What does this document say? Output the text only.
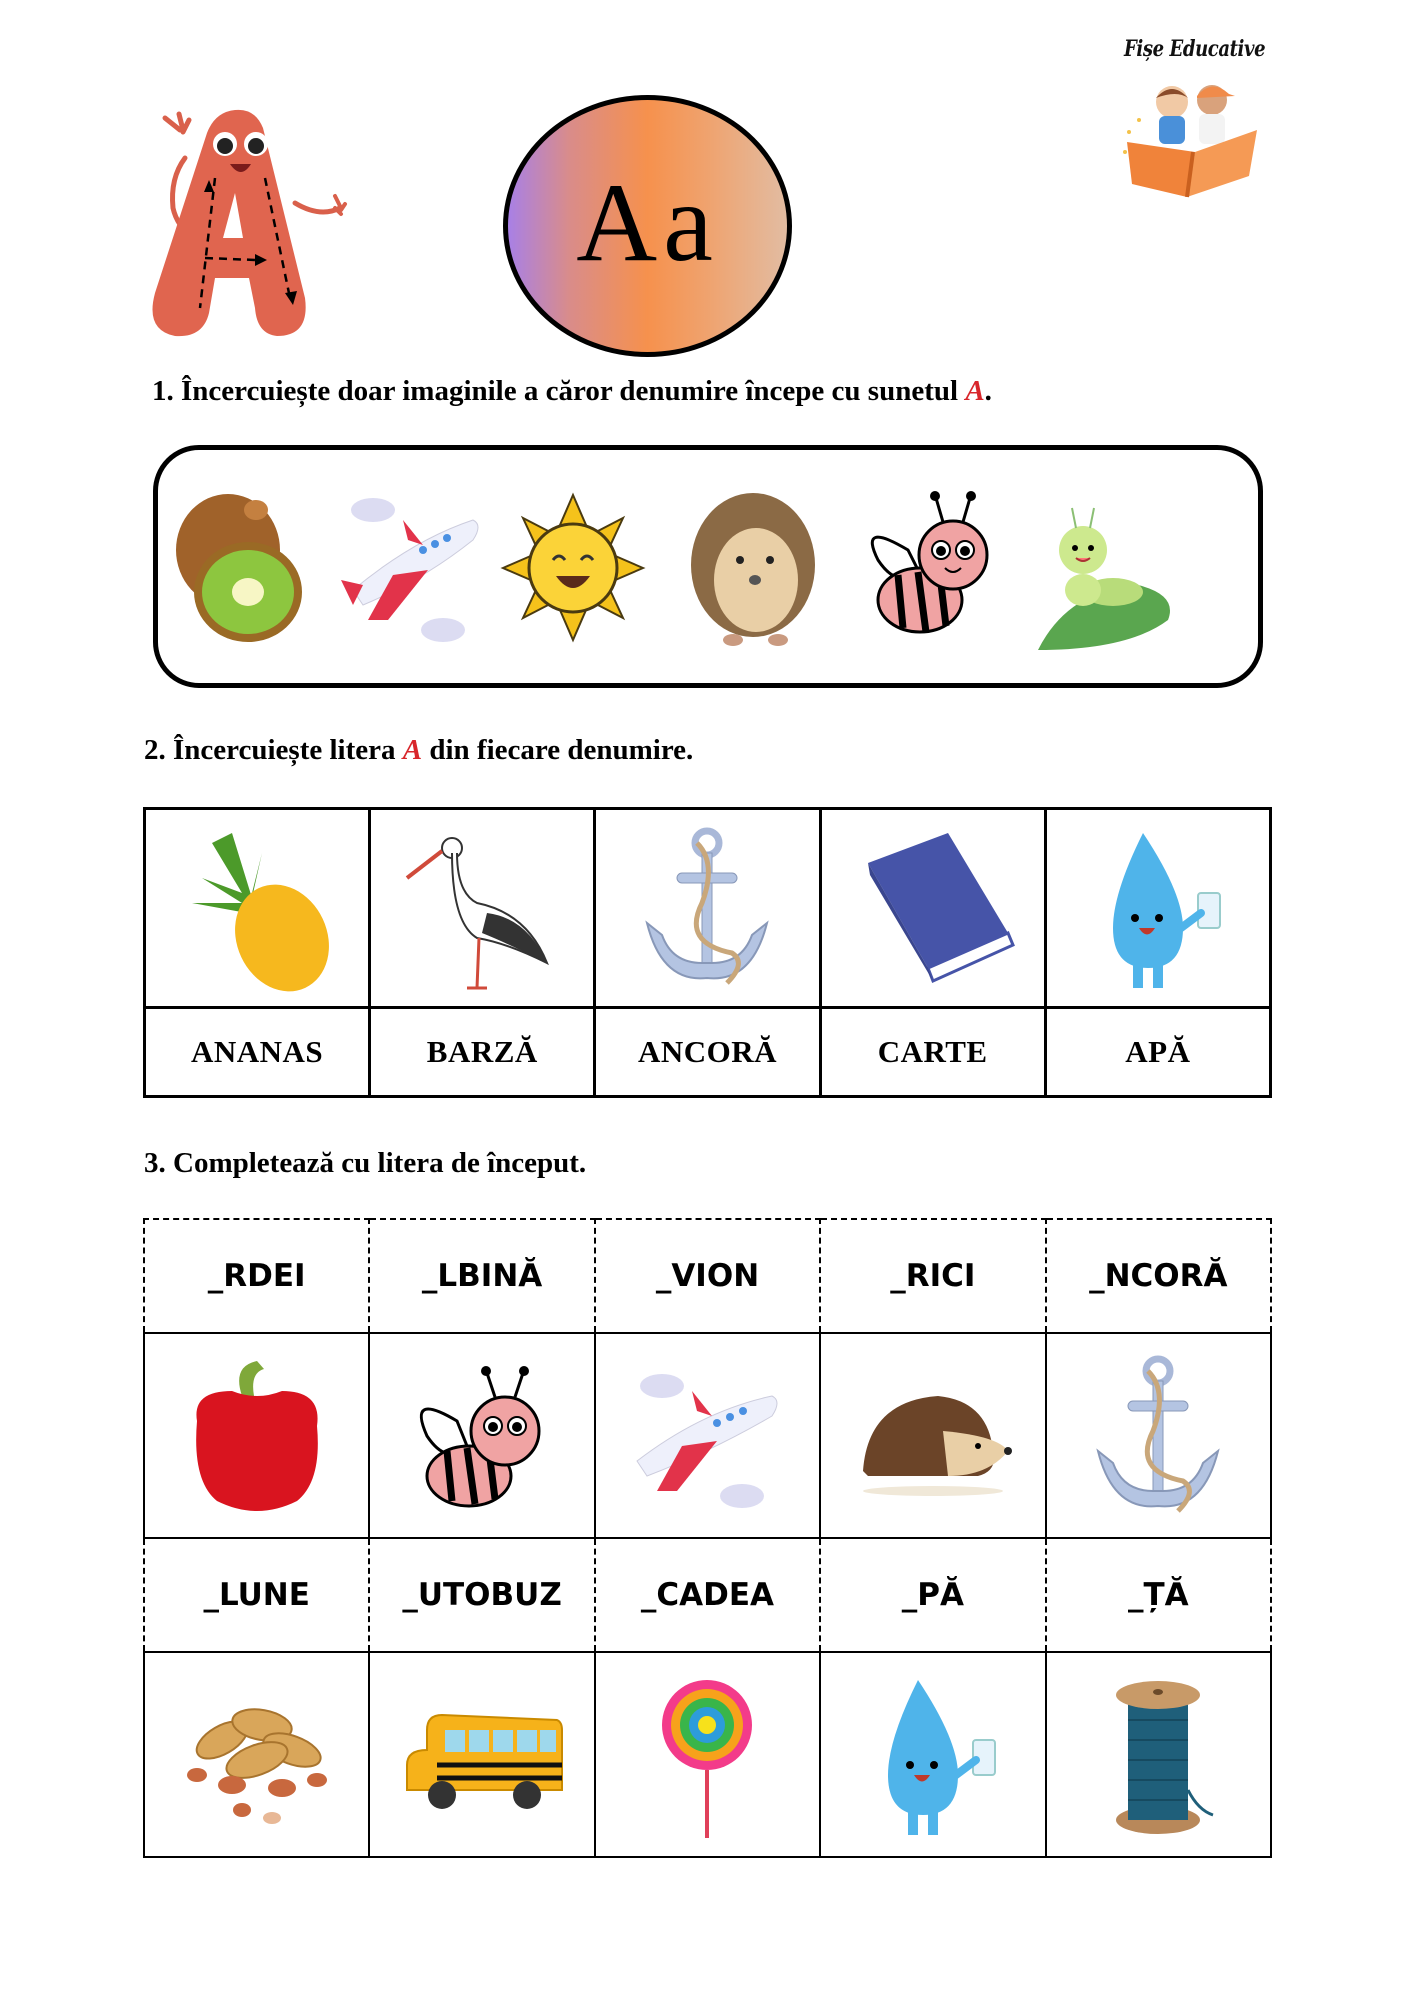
Aa
Fișe Educative
1. Încercuiește doar imaginile a căror denumire începe cu sunetul A.
2. Încercuiește litera A din fiecare denumire.

ANANAS	BARZĂ	ANCORĂ	CARTE	APĂ
3. Completează cu litera de început.
_RDEI	_LBINĂ	_VION	_RICI	_NCORĂ

_LUNE	_UTOBUZ	_CADEA	_PĂ	_ȚĂ
